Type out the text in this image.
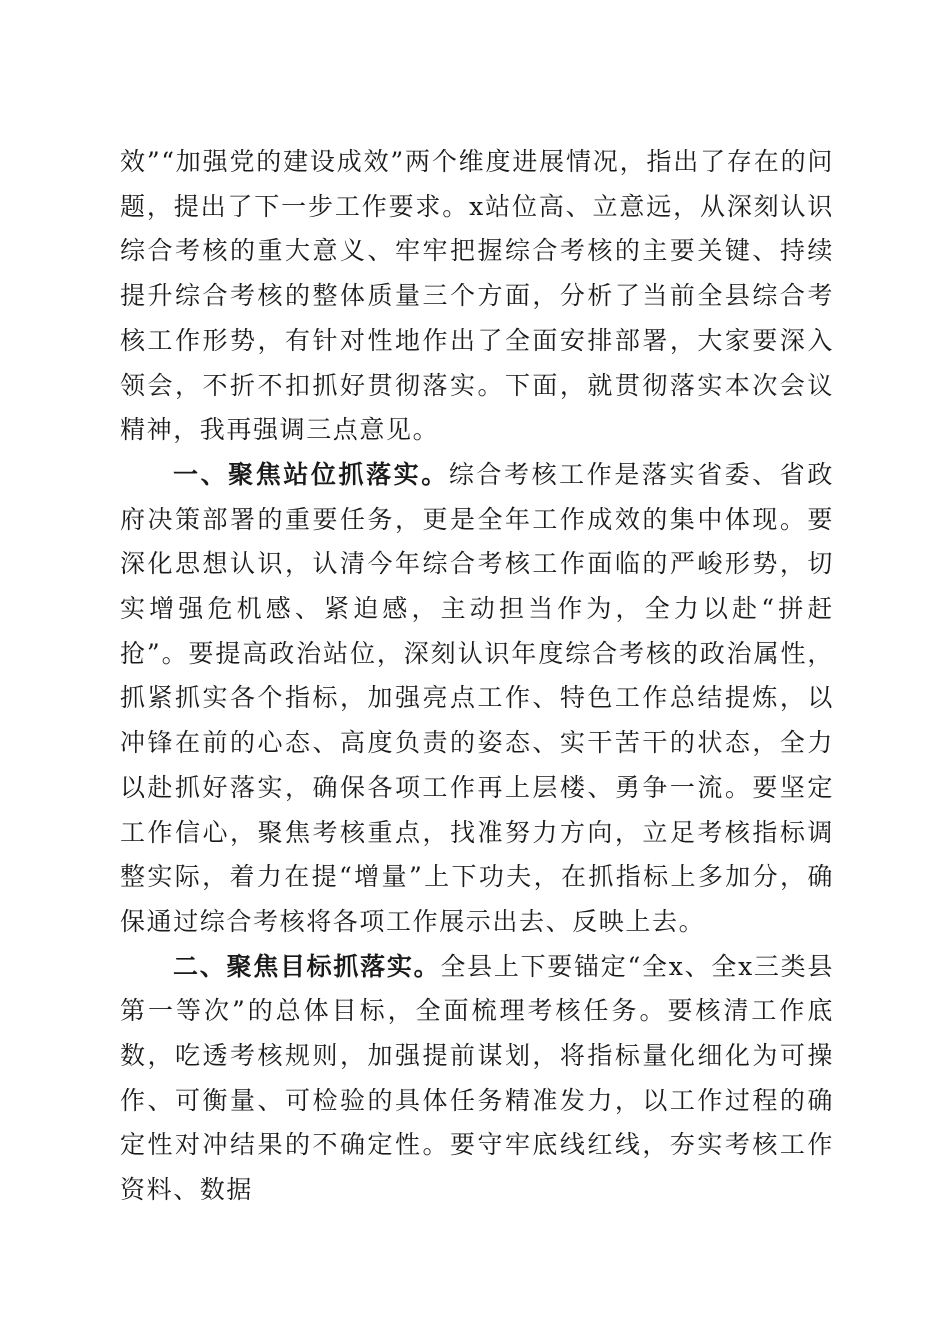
效”“加强党的建设成效”两个维度进展情况，指出了存在的问题，提出了下一步工作要求。x站位高、立意远，从深刻认识综合考核的重大意义、牢牢把握综合考核的主要关键、持续提升综合考核的整体质量三个方面，分析了当前全县综合考核工作形势，有针对性地作出了全面安排部署，大家要深入领会，不折不扣抓好贯彻落实。下面，就贯彻落实本次会议精神，我再强调三点意见。

一、聚焦站位抓落实。综合考核工作是落实省委、省政府决策部署的重要任务，更是全年工作成效的集中体现。要深化思想认识，认清今年综合考核工作面临的严峻形势，切实增强危机感、紧迫感，主动担当作为，全力以赴“拼赶抢”。要提高政治站位，深刻认识年度综合考核的政治属性，抓紧抓实各个指标，加强亮点工作、特色工作总结提炼，以冲锋在前的心态、高度负责的姿态、实干苦干的状态，全力以赴抓好落实，确保各项工作再上层楼、勇争一流。要坚定工作信心，聚焦考核重点，找准努力方向，立足考核指标调整实际，着力在提“增量”上下功夫，在抓指标上多加分，确保通过综合考核将各项工作展示出去、反映上去。

二、聚焦目标抓落实。全县上下要锚定“全x、全x三类县第一等次”的总体目标，全面梳理考核任务。要核清工作底数，吃透考核规则，加强提前谋划，将指标量化细化为可操作、可衡量、可检验的具体任务精准发力，以工作过程的确定性对冲结果的不确定性。要守牢底线红线，夯实考核工作资料、数据
